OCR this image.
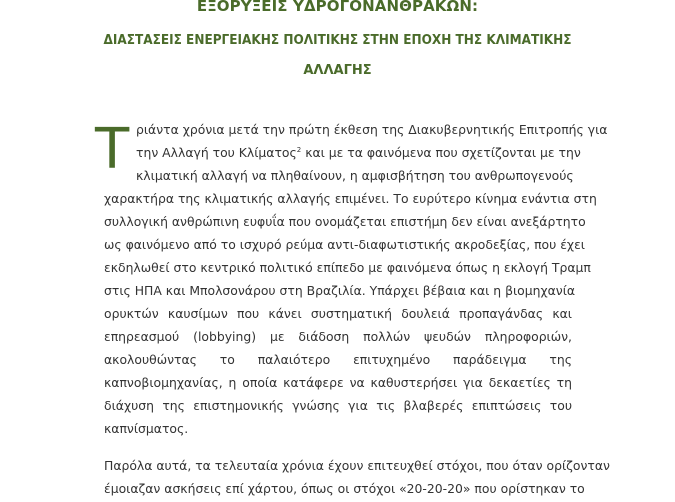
ΕΞΟΡΥΞΕΙΣ ΥΔΡΟΓΟΝΑΝΘΡΑΚΩΝ:
ΔΙΑΣΤΑΣΕΙΣ ΕΝΕΡΓΕΙΑΚΗΣ ΠΟΛΙΤΙΚΗΣ ΣΤΗΝ ΕΠΟΧΗ ΤΗΣ ΚΛΙΜΑΤΙΚΗΣ
ΑΛΛΑΓΗΣ
Τ ριάντα χρόνια μετά την πρώτη έκθεση της Διακυβερνητικής Επιτροπής για
την Αλλαγή του Κλίματος$^2$ και με τα φαινόμενα που σχετίζονται με την
κλιματική αλλαγή να πληθαίνουν, η αμφισβήτηση του ανθρωπογενούς
χαρακτήρα της κλιματικής αλλαγής επιμένει. Το ευρύτερο κίνημα ενάντια στη
συλλογική ανθρώπινη ευφυΐα που ονομάζεται επιστήμη δεν είναι ανεξάρτητο
ως φαινόμενο από το ισχυρό ρεύμα αντι-διαφωτιστικής ακροδεξίας, που έχει
εκδηλωθεί στο κεντρικό πολιτικό επίπεδο με φαινόμενα όπως η εκλογή Τραμπ
στις ΗΠΑ και Μπολσονάρου στη Βραζιλία. Υπάρχει βέβαια και η βιομηχανία
ορυκτών καυσίμων που κάνει συστηματική δουλειά προπαγάνδας και
επηρεασμού (lobbying) με διάδοση πολλών ψευδών πληροφοριών,
ακολουθώντας το παλαιότερο επιτυχημένο παράδειγμα της
καπνοβιομηχανίας, η οποία κατάφερε να καθυστερήσει για δεκαετίες τη
διάχυση της επιστημονικής γνώσης για τις βλαβερές επιπτώσεις του
καπνίσματος.
Παρόλα αυτά, τα τελευταία χρόνια έχουν επιτευχθεί στόχοι, που όταν ορίζονταν
έμοιαζαν ασκήσεις επί χάρτου, όπως οι στόχοι «20-20-20» που ορίστηκαν το
